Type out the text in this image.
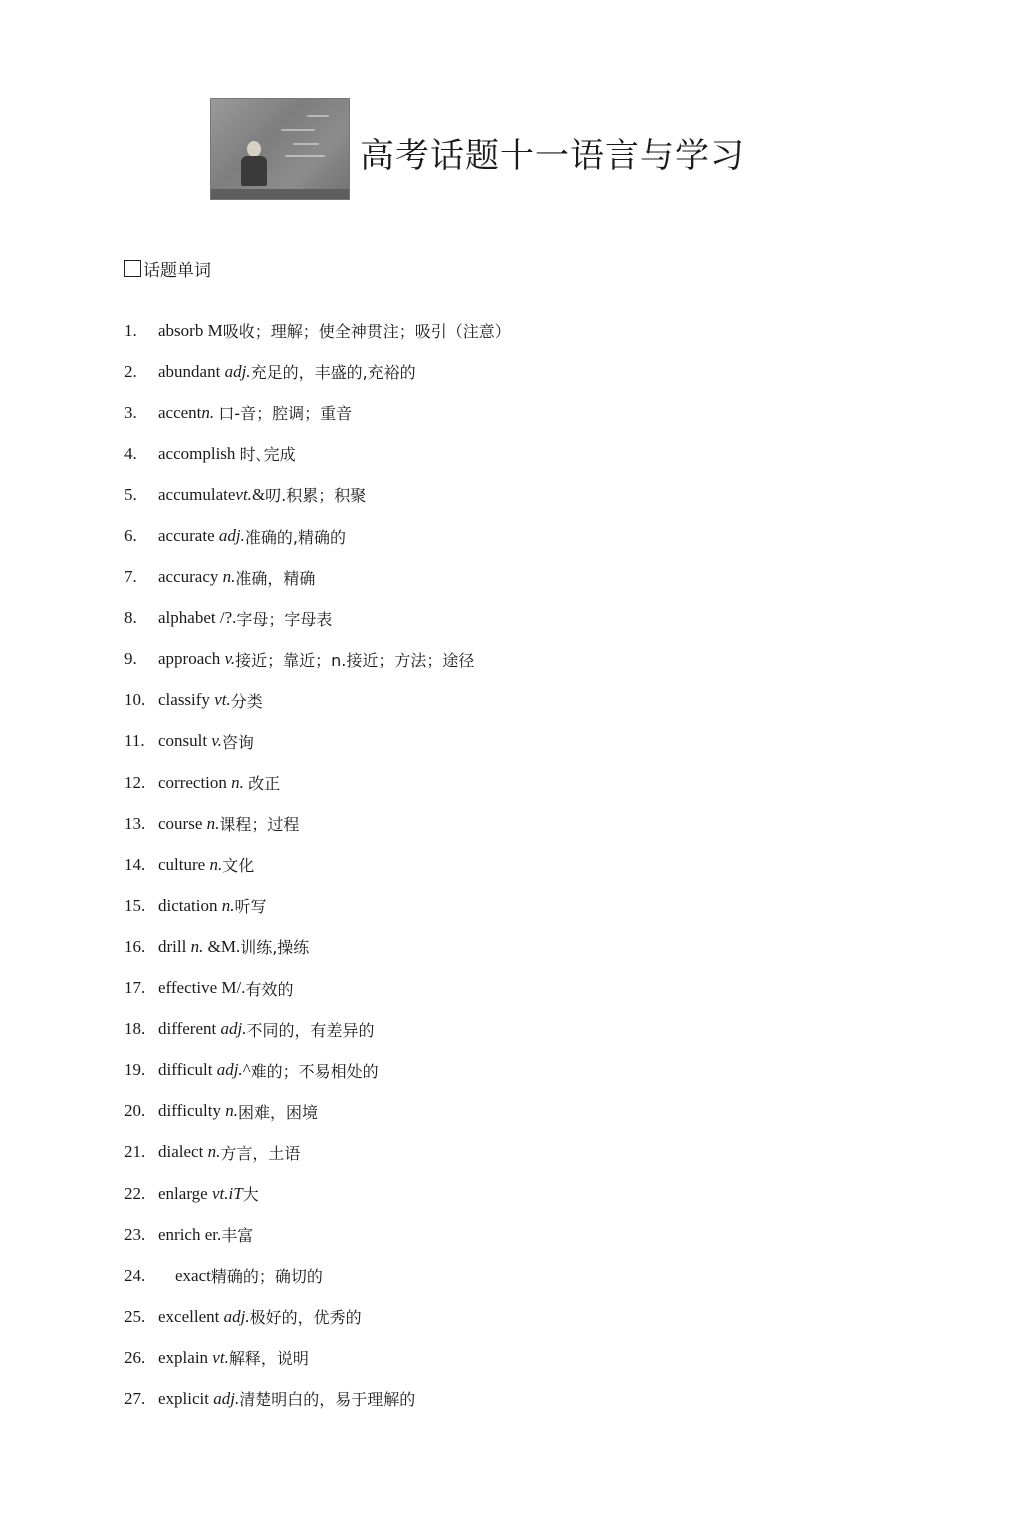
高考话题十一语言与学习
话题单词
1.	absorb M 吸收；理解；使全神贯注；吸引（注意）
2.	abundant adj. 充足的，丰盛的,充裕的
3.	accent n.
口-音；腔调；重音
4.	accomplish 时､完成
5.	accumulate vt. & 叨.积累；积聚
6.	accurate adj. 准确的,精确的
7.	accuracy n. 准确，精确
8.	alphabet /?. 字母；字母表
9.	approach v. 接近；靠近；n.接近；方法；途径
10. classify vt. 分类
11. consult v. 咨询
12. correction n.
改正
13. course n. 课程；过程
14. culture n. 文化
15. dictation n. 听写
16. drill n. &M. 训练,操练
17. effective M/. 有效的
18. different adj. 不同的，有差异的
19. difficult adj. ^ 难的；不易相处的
20. difficulty n. 困难，困境
21. dialect n. 方言，土语
22. enlarge vt.iT 大
23. enrich er. 丰富
24.	exact 精确的；确切的
25. excellent adj. 极好的，优秀的
26. explain vt. 解释，说明
27. explicit adj. 清楚明白的，易于理解的
